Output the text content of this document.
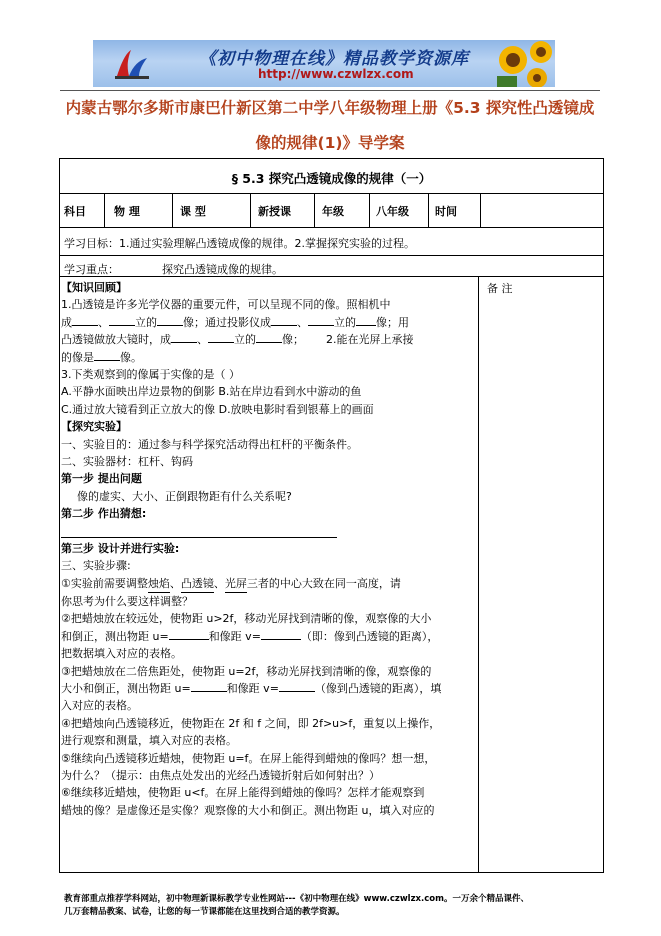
《初中物理在线》精品教学资源库
http://www.czwlzx.com
内蒙古鄂尔多斯市康巴什新区第二中学八年级物理上册《5.3 探究性凸透镜成
像的规律(1)》导学案
§ 5.3 探究凸透镜成像的规律（一）
科目	物 理	课 型	新授课	年级	八年级 时间
学习目标：1.通过实验理解凸透镜成像的规律。2.掌握探究实验的过程。
学习重点：	探究凸透镜成像的规律。
备 注
【知识回顾】
1.凸透镜是许多光学仪器的重要元件，可以呈现不同的像。照相机中
成 、 立的 像；通过投影仪成 、 立的 像；用
凸透镜做放大镜时，成 、 立的 像； 2.能在光屏上承接
的像是 像。
3.下类观察到的像属于实像的是（ ）
A.平静水面映出岸边景物的倒影 B.站在岸边看到水中游动的鱼
C.通过放大镜看到正立放大的像 D.放映电影时看到银幕上的画面
【探究实验】
一、实验目的：通过参与科学探究活动得出杠杆的平衡条件。
二、实验器材：杠杆、钩码
第一步 提出问题
像的虚实、大小、正倒跟物距有什么关系呢?
第二步 作出猜想:
第三步 设计并进行实验:
三、实验步骤:
①实验前需要调整烛焰、凸透镜、光屏三者的中心大致在同一高度，请
你思考为什么要这样调整？
②把蜡烛放在较远处，使物距 u>2f，移动光屏找到清晰的像，观察像的大小
和倒正，测出物距 u=	和像距 v=	（即：像到凸透镜的距离），
把数据填入对应的表格。
③把蜡烛放在二倍焦距处，使物距 u=2f，移动光屏找到清晰的像，观察像的
大小和倒正，测出物距 u=	和像距 v=	（像到凸透镜的距离），填
入对应的表格。
④把蜡烛向凸透镜移近，使物距在 2f 和 f 之间，即 2f>u>f，重复以上操作，
进行观察和测量，填入对应的表格。
⑤继续向凸透镜移近蜡烛，使物距 u=f。在屏上能得到蜡烛的像吗？想一想，
为什么？（提示：由焦点处发出的光经凸透镜折射后如何射出？）
⑥继续移近蜡烛，使物距 u<f。在屏上能得到蜡烛的像吗？怎样才能观察到
蜡烛的像？是虚像还是实像？观察像的大小和倒正。测出物距 u，填入对应的
教育部重点推荐学科网站，初中物理新课标教学专业性网站---《初中物理在线》www.czwlzx.com。一万余个精品课件、
几万套精品教案、试卷，让您的每一节课都能在这里找到合适的教学资源。
